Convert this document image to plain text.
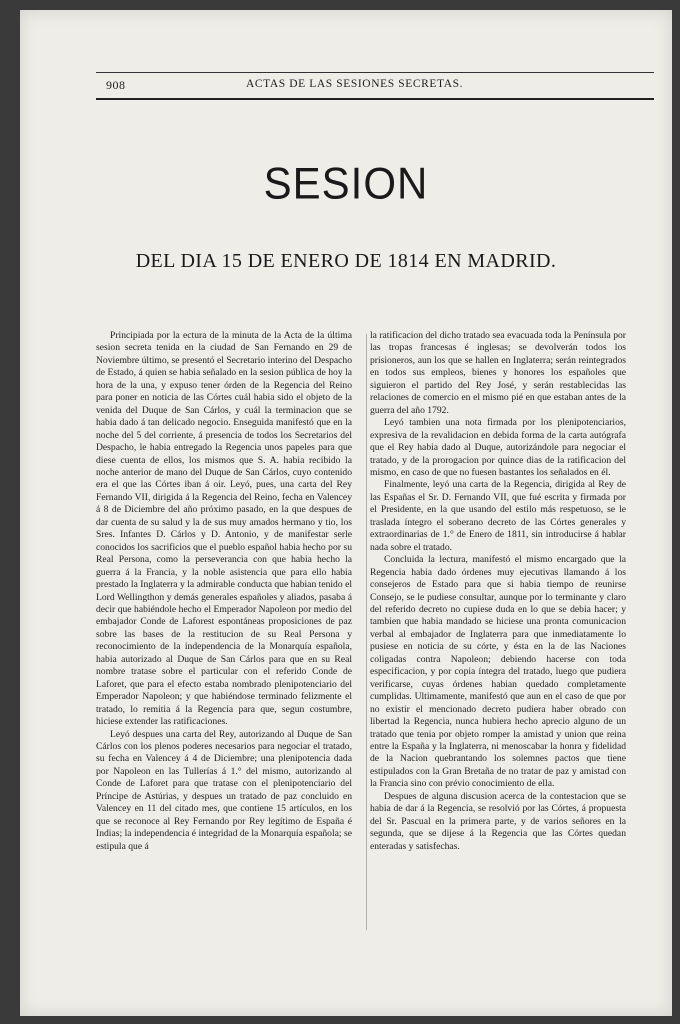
908	ACTAS DE LAS SESIONES SECRETAS.
SESION
DEL DIA 15 DE ENERO DE 1814 EN MADRID.

Principiada por la ectura de la minuta de la Acta de la última sesion secreta tenida en la ciudad de San Fernando en 29 de Noviembre último, se presentó el Secretario interino del Despacho de Estado, á quien se habia señalado en la sesion pública de hoy la hora de la una, y expuso tener órden de la Regencia del Reino para poner en noticia de las Córtes cuál habia sido el objeto de la venida del Duque de San Cárlos, y cuál la terminacion que se habia dado á tan delicado negocio. Enseguida manifestó que en la noche del 5 del corriente, á presencia de todos los Secretarios del Despacho, le habia entregado la Regencia unos papeles para que diese cuenta de ellos, los mismos que S. A. habia recibido la noche anterior de mano del Duque de San Cárlos, cuyo contenido era el que las Córtes iban á oir. Leyó, pues, una carta del Rey Fernando VII, dirigida á la Regencia del Reino, fecha en Valencey á 8 de Diciembre del año próximo pasado, en la que despues de dar cuenta de su salud y la de sus muy amados hermano y tio, los Sres. Infantes D. Cárlos y D. Antonio, y de manifestar serle conocidos los sacrificios que el pueblo español habia hecho por su Real Persona, como la perseverancia con que habia hecho la guerra á la Francia, y la noble asistencia que para ello habia prestado la Inglaterra y la admirable conducta que habian tenido el Lord Wellingthon y demás generales españoles y aliados, pasaba á decir que habiéndole hecho el Emperador Napoleon por medio del embajador Conde de Laforest espontáneas proposiciones de paz sobre las bases de la restitucion de su Real Persona y reconocimiento de la independencia de la Monarquía española, habia autorizado al Duque de San Cárlos para que en su Real nombre tratase sobre el particular con el referido Conde de Laforet, que para el efecto estaba nombrado plenipotenciario del Emperador Napoleon; y que habiéndose terminado felizmente el tratado, lo remitia á la Regencia para que, segun costumbre, hiciese extender las ratificaciones.

Leyó despues una carta del Rey, autorizando al Duque de San Cárlos con los plenos poderes necesarios para negociar el tratado, su fecha en Valencey á 4 de Diciembre; una plenipotencia dada por Napoleon en las Tullerías á 1.° del mismo, autorizando al Conde de Laforet para que tratase con el plenipotenciario del Príncipe de Astúrias, y despues un tratado de paz concluido en Valencey en 11 del citado mes, que contiene 15 artículos, en los que se reconoce al Rey Fernando por Rey legítimo de España é Indias; la independencia é integridad de la Monarquía española; se estipula que á

la ratificacion del dicho tratado sea evacuada toda la Península por las tropas francesas é inglesas; se devolverán todos los prisioneros, aun los que se hallen en Inglaterra; serán reintegrados en todos sus empleos, bienes y honores los españoles que siguieron el partido del Rey José, y serán restablecidas las relaciones de comercio en el mismo pié en que estaban antes de la guerra del año 1792.

Leyó tambien una nota firmada por los plenipotenciarios, expresiva de la revalidacion en debida forma de la carta autógrafa que el Rey habia dado al Duque, autorizándole para negociar el tratado, y de la prorogacion por quince dias de la ratificacion del mismo, en caso de que no fuesen bastantes los señalados en él.

Finalmente, leyó una carta de la Regencia, dirigida al Rey de las Españas el Sr. D. Fernando VII, que fué escrita y firmada por el Presidente, en la que usando del estilo más respetuoso, se le traslada íntegro el soberano decreto de las Córtes generales y extraordinarias de 1.° de Enero de 1811, sin introducirse á hablar nada sobre el tratado.

Concluida la lectura, manifestó el mismo encargado que la Regencia habia dado órdenes muy ejecutivas llamando á los consejeros de Estado para que si habia tiempo de reunirse Consejo, se le pudiese consultar, aunque por lo terminante y claro del referido decreto no cupiese duda en lo que se debia hacer; y tambien que habia mandado se hiciese una pronta comunicacion verbal al embajador de Inglaterra para que inmediatamente lo pusiese en noticia de su córte, y ésta en la de las Naciones coligadas contra Napoleon; debiendo hacerse con toda especificacion, y por copia íntegra del tratado, luego que pudiera verificarse, cuyas órdenes habian quedado completamente cumplidas. Ultimamente, manifestó que aun en el caso de que por no existir el mencionado decreto pudiera haber obrado con libertad la Regencia, nunca hubiera hecho aprecio alguno de un tratado que tenia por objeto romper la amistad y union que reina entre la España y la Inglaterra, ni menoscabar la honra y fidelidad de la Nacion quebrantando los solemnes pactos que tiene estipulados con la Gran Bretaña de no tratar de paz y amistad con la Francia sino con prévio conocimiento de ella.

Despues de alguna discusion acerca de la contestacion que se habia de dar á la Regencia, se resolvió por las Córtes, á propuesta del Sr. Pascual en la primera parte, y de varios señores en la segunda, que se dijese á la Regencia que las Córtes quedan enteradas y satisfechas.
